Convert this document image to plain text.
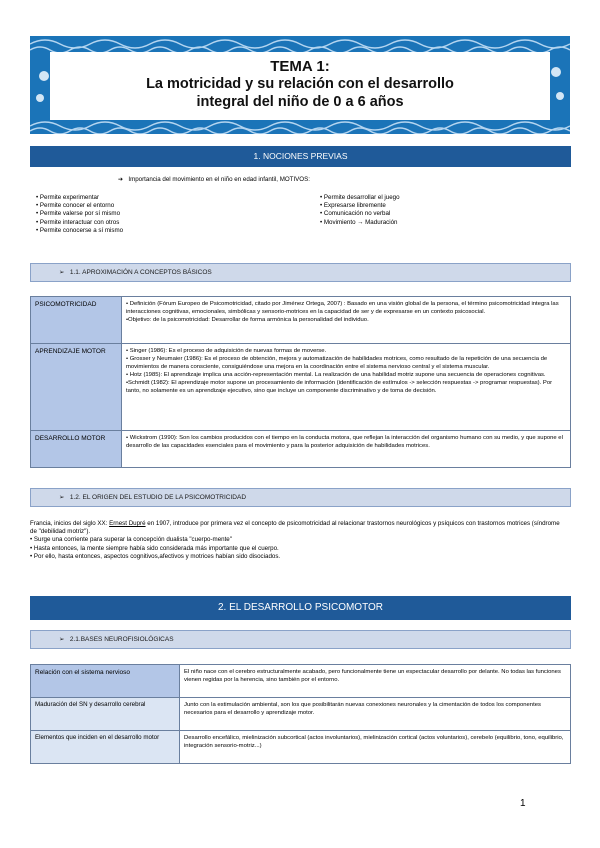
TEMA 1:
La motricidad y su relación con el desarrollo
integral del niño de 0 a 6 años
1. NOCIONES PREVIAS
➔ Importancia del movimiento en el niño en edad infantil, MOTIVOS:
• Permite experimentar
• Permite conocer el entorno
• Permite valerse por sí mismo
• Permite interactuar con otros
• Permite conocerse a sí mismo
• Permite desarrollar el juego
• Expresarse libremente
• Comunicación no verbal
• Movimiento → Maduración
➢ 1.1. APROXIMACIÓN A CONCEPTOS BÁSICOS
PSICOMOTRICIDAD	• Definición (Fórum Europeo de Psicomotricidad, citado por Jiménez Ortega, 2007) : Basado en una visión global de la persona, el término psicomotricidad integra las interacciones cognitivas, emocionales, simbólicas y sensorio-motrices en la capacidad de ser y de expresarse en un contexto psicosocial.
•Objetivo: de la psicomotricidad: Desarrollar de forma armónica la personalidad del individuo.

APRENDIZAJE MOTOR	• Singer (1986): Es el proceso de adquisición de nuevas formas de moverse.
• Grosser y Neumaier (1986): Es el proceso de obtención, mejora y automatización de habilidades motrices, como resultado de la repetición de una secuencia de movimientos de manera consciente, consiguiéndose una mejora en la coordinación entre el sistema nervioso central y el sistema muscular.
• Hotz (1985): El aprendizaje implica una acción-representación mental. La realización de una habilidad motriz supone una secuencia de operaciones cognitivas.
•Schmidt (1982): El aprendizaje motor supone un procesamiento de información (identificación de estímulos -> selección respuestas -> programar respuestas). Por tanto, no solamente es un aprendizaje ejecutivo, sino que incluye un componente discriminativo y de toma de decisión.

DESARROLLO MOTOR	• Wickstrom (1990): Son los cambios producidos con el tiempo en la conducta motora, que reflejan la interacción del organismo humano con su medio, y que supone el desarrollo de las capacidades esenciales para el movimiento y para la posterior adquisición de habilidades motrices.
➢ 1.2. EL ORIGEN DEL ESTUDIO DE LA PSICOMOTRICIDAD
Francia, inicios del siglo XX: Ernest Dupré en 1907, introduce por primera vez el concepto de psicomotricidad al relacionar trastornos neurológicos y psíquicos con trastornos motrices (síndrome de "debilidad motriz").
• Surge una corriente para superar la concepción dualista "cuerpo-mente"
• Hasta entonces, la mente siempre había sido considerada más importante que el cuerpo.
• Por ello, hasta entonces, aspectos cognitivos,afectivos y motrices habían sido disociados.
2. EL DESARROLLO PSICOMOTOR
➢ 2.1.BASES NEUROFISIOLÓGICAS
Relación con el sistema nervioso	El niño nace con el cerebro estructuralmente acabado, pero funcionalmente tiene un espectacular desarrollo por delante. No todas las funciones vienen regidas por la herencia, sino también por el entorno.
Maduración del SN y desarrollo cerebral	Junto con la estimulación ambiental, son los que posibilitarán nuevas conexiones neuronales y la cimentación de todos los componentes necesarios para el desarrollo y aprendizaje motor.
Elementos que inciden en el desarrollo motor	Desarrollo encefálico, mielinización subcortical (actos involuntarios), mielinización cortical (actos voluntarios), cerebelo (equilibrio, tono, equilibrio, integración sensorio-motriz...)
1
